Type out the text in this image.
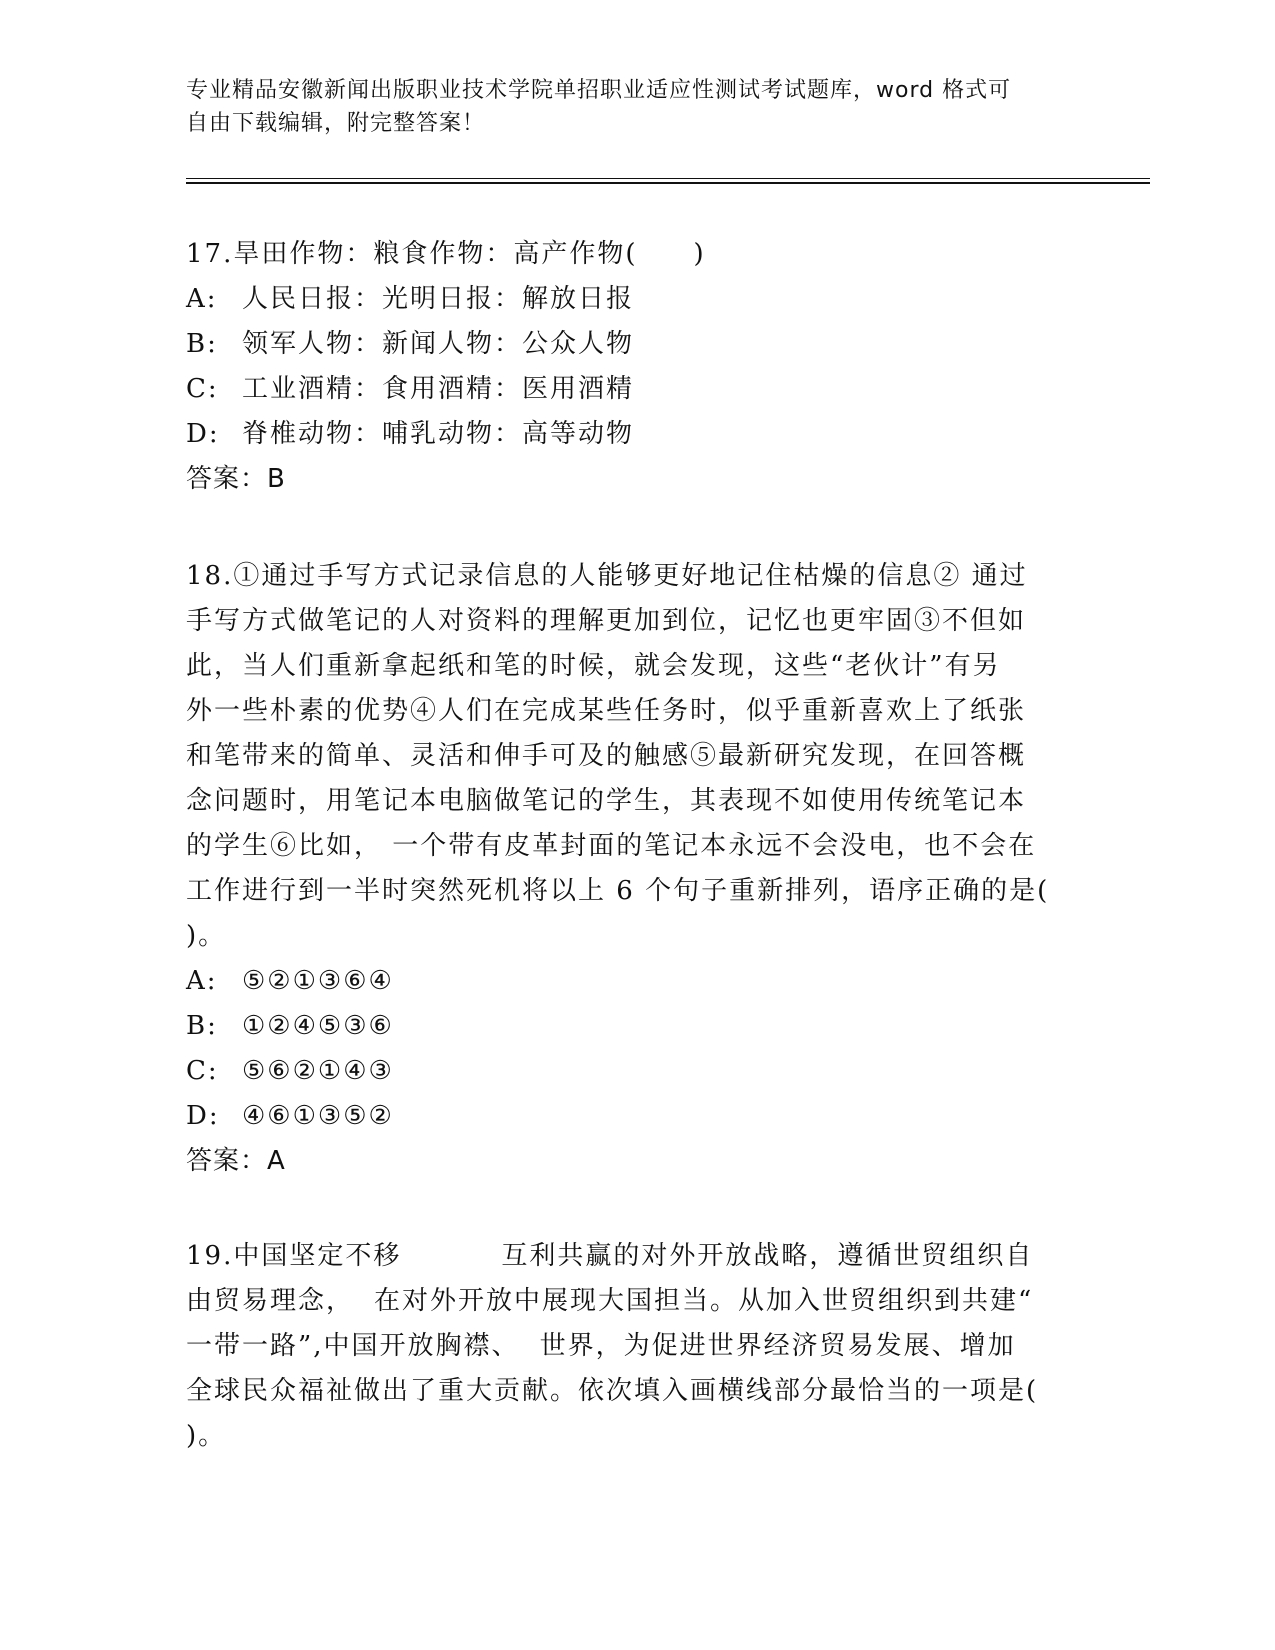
专业精品安徽新闻出版职业技术学院单招职业适应性测试考试题库，word 格式可
自由下载编辑，附完整答案！
17.旱田作物：粮食作物：高产作物(　　)
A: 人民日报：光明日报：解放日报
B: 领军人物：新闻人物：公众人物
C: 工业酒精：食用酒精：医用酒精
D: 脊椎动物：哺乳动物：高等动物
答案：B
18.①通过手写方式记录信息的人能够更好地记住枯燥的信息② 通过
手写方式做笔记的人对资料的理解更加到位，记忆也更牢固③不但如
此，当人们重新拿起纸和笔的时候，就会发现，这些“老伙计”有另
外一些朴素的优势④人们在完成某些任务时，似乎重新喜欢上了纸张
和笔带来的简单、灵活和伸手可及的触感⑤最新研究发现，在回答概
念问题时，用笔记本电脑做笔记的学生，其表现不如使用传统笔记本
的学生⑥比如， 一个带有皮革封面的笔记本永远不会没电，也不会在
工作进行到一半时突然死机将以上 6 个句子重新排列，语序正确的是(
)。
A: ⑤②①③⑥④
B: ①②④⑤③⑥
C: ⑤⑥②①④③
D: ④⑥①③⑤②
答案：A
19.中国坚定不移	互利共赢的对外开放战略，遵循世贸组织自
由贸易理念， 在对外开放中展现大国担当。从加入世贸组织到共建“
一带一路”,中国开放胸襟、 世界，为促进世界经济贸易发展、增加
全球民众福祉做出了重大贡献。依次填入画横线部分最恰当的一项是(
)。
